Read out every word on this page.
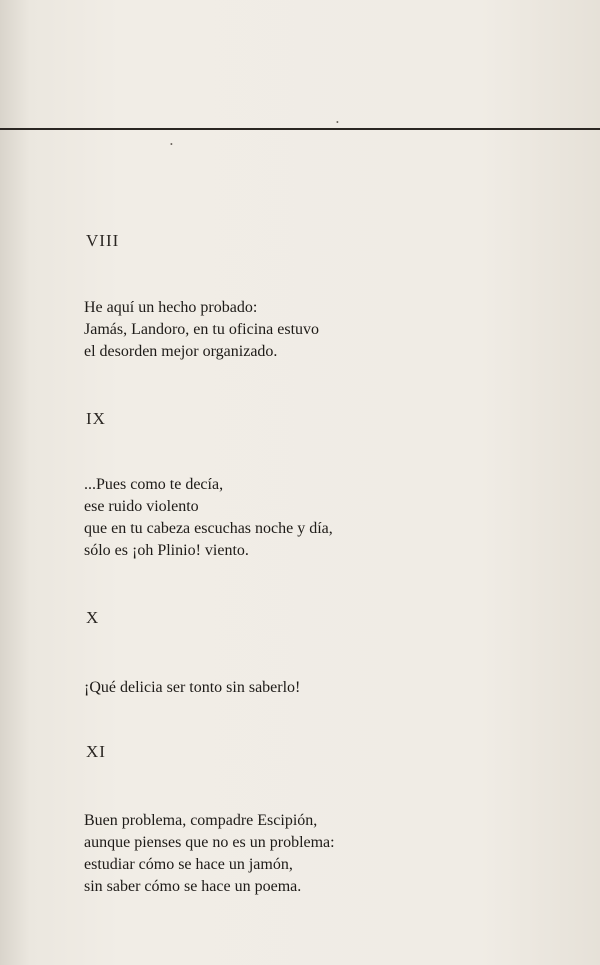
•
•
VIII
He aquí un hecho probado:
Jamás, Landoro, en tu oficina estuvo
el desorden mejor organizado.
IX
...Pues como te decía,
ese ruido violento
que en tu cabeza escuchas noche y día,
sólo es ¡oh Plinio! viento.
X
¡Qué delicia ser tonto sin saberlo!
XI
Buen problema, compadre Escipión,
aunque pienses que no es un problema:
estudiar cómo se hace un jamón,
sin saber cómo se hace un poema.
